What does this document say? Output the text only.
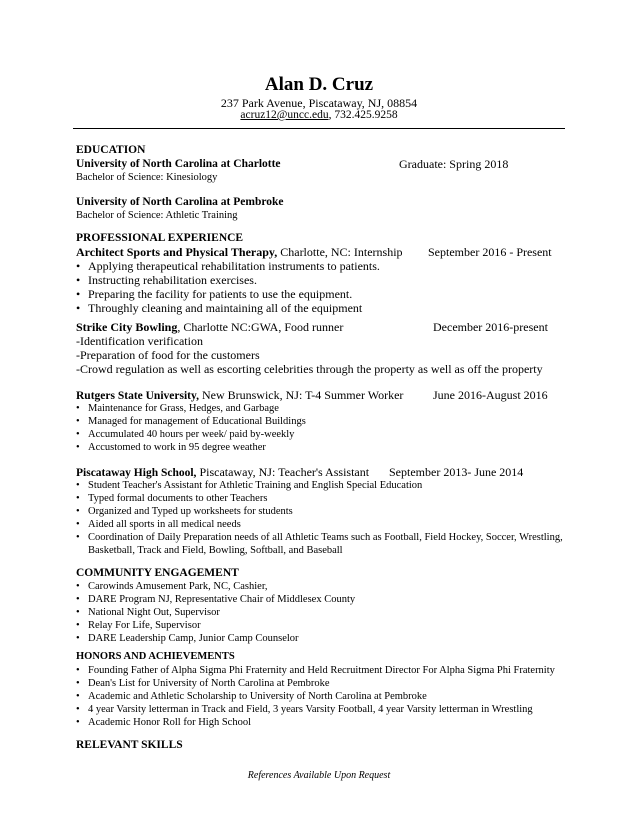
Alan D. Cruz
237 Park Avenue, Piscataway, NJ, 08854
acruz12@uncc.edu, 732.425.9258
EDUCATION
University of North Carolina at Charlotte	Graduate: Spring 2018
Bachelor of Science: Kinesiology
University of North Carolina at Pembroke
Bachelor of Science: Athletic Training
PROFESSIONAL EXPERIENCE
Architect Sports and Physical Therapy, Charlotte, NC: Internship September 2016 - Present
• Applying therapeutical rehabilitation instruments to patients.
• Instructing rehabilitation exercises.
• Preparing the facility for patients to use the equipment.
• Throughly cleaning and maintaining all of the equipment
Strike City Bowling, Charlotte NC:GWA, Food runner	December 2016-present
-Identification verification
-Preparation of food for the customers
-Crowd regulation as well as escorting celebrities through the property as well as off the property
Rutgers State University, New Brunswick, NJ: T-4 Summer Worker June 2016-August 2016
• Maintenance for Grass, Hedges, and Garbage
• Managed for management of Educational Buildings
• Accumulated 40 hours per week/ paid by-weekly
• Accustomed to work in 95 degree weather
Piscataway High School, Piscataway, NJ: Teacher's Assistant September 2013- June 2014
• Student Teacher's Assistant for Athletic Training and English Special Education
• Typed formal documents to other Teachers
• Organized and Typed up worksheets for students
• Aided all sports in all medical needs
• Coordination of Daily Preparation needs of all Athletic Teams such as Football, Field Hockey, Soccer, Wrestling,
Basketball, Track and Field, Bowling, Softball, and Baseball
COMMUNITY ENGAGEMENT
• Carowinds Amusement Park, NC, Cashier,
• DARE Program NJ, Representative Chair of Middlesex County
• National Night Out, Supervisor
• Relay For Life, Supervisor
• DARE Leadership Camp, Junior Camp Counselor
HONORS AND ACHIEVEMENTS
• Founding Father of Alpha Sigma Phi Fraternity and Held Recruitment Director For Alpha Sigma Phi Fraternity
• Dean's List for University of North Carolina at Pembroke
• Academic and Athletic Scholarship to University of North Carolina at Pembroke
• 4 year Varsity letterman in Track and Field, 3 years Varsity Football, 4 year Varsity letterman in Wrestling
• Academic Honor Roll for High School
RELEVANT SKILLS
References Available Upon Request
